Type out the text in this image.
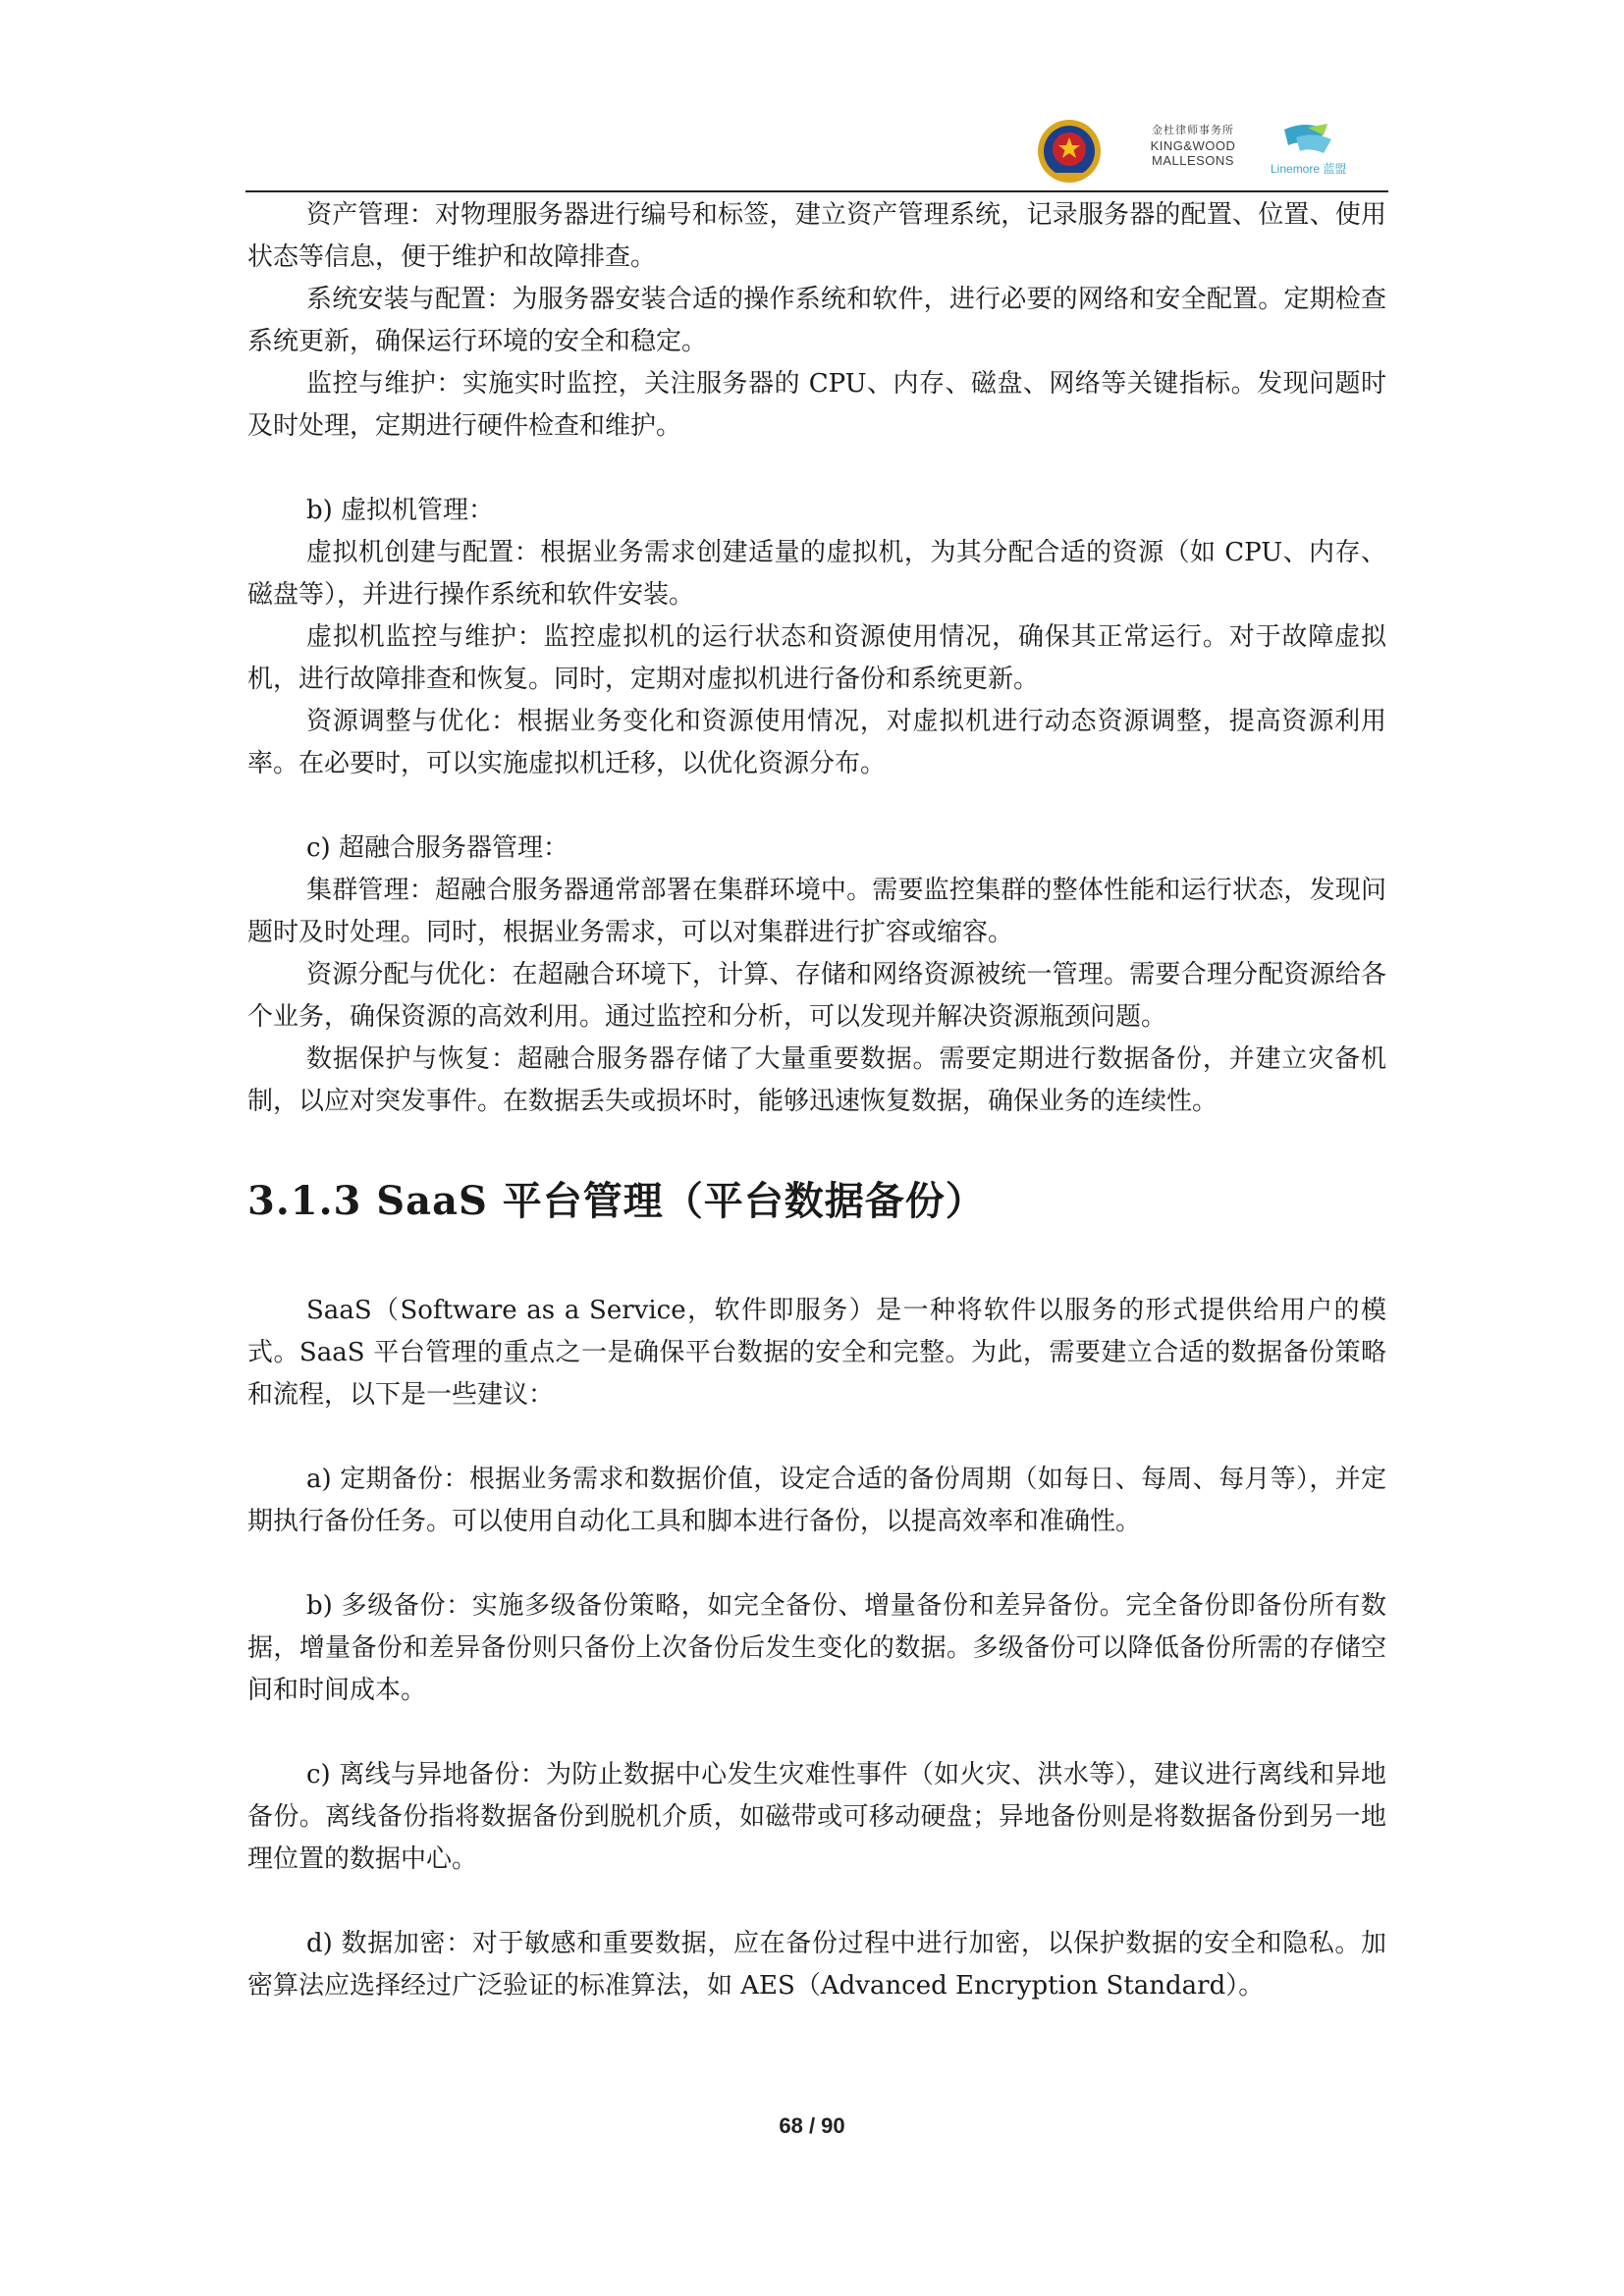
金杜律师事务所
KING&WOOD
MALLESONS
Linemore 蓝盟

资产管理：对物理服务器进行编号和标签，建立资产管理系统，记录服务器的配置、位置、使用状态等信息，便于维护和故障排查。

系统安装与配置：为服务器安装合适的操作系统和软件，进行必要的网络和安全配置。定期检查系统更新，确保运行环境的安全和稳定。

监控与维护：实施实时监控，关注服务器的 CPU、内存、磁盘、网络等关键指标。发现问题时及时处理，定期进行硬件检查和维护。

b) 虚拟机管理：

虚拟机创建与配置：根据业务需求创建适量的虚拟机，为其分配合适的资源（如 CPU、内存、磁盘等），并进行操作系统和软件安装。

虚拟机监控与维护：监控虚拟机的运行状态和资源使用情况，确保其正常运行。对于故障虚拟机，进行故障排查和恢复。同时，定期对虚拟机进行备份和系统更新。

资源调整与优化：根据业务变化和资源使用情况，对虚拟机进行动态资源调整，提高资源利用率。在必要时，可以实施虚拟机迁移，以优化资源分布。

c) 超融合服务器管理：

集群管理：超融合服务器通常部署在集群环境中。需要监控集群的整体性能和运行状态，发现问题时及时处理。同时，根据业务需求，可以对集群进行扩容或缩容。

资源分配与优化：在超融合环境下，计算、存储和网络资源被统一管理。需要合理分配资源给各个业务，确保资源的高效利用。通过监控和分析，可以发现并解决资源瓶颈问题。

数据保护与恢复：超融合服务器存储了大量重要数据。需要定期进行数据备份，并建立灾备机制，以应对突发事件。在数据丢失或损坏时，能够迅速恢复数据，确保业务的连续性。

3.1.3 SaaS 平台管理（平台数据备份）

SaaS（Software as a Service，软件即服务）是一种将软件以服务的形式提供给用户的模式。SaaS 平台管理的重点之一是确保平台数据的安全和完整。为此，需要建立合适的数据备份策略和流程，以下是一些建议：

a) 定期备份：根据业务需求和数据价值，设定合适的备份周期（如每日、每周、每月等），并定期执行备份任务。可以使用自动化工具和脚本进行备份，以提高效率和准确性。

b) 多级备份：实施多级备份策略，如完全备份、增量备份和差异备份。完全备份即备份所有数据，增量备份和差异备份则只备份上次备份后发生变化的数据。多级备份可以降低备份所需的存储空间和时间成本。

c) 离线与异地备份：为防止数据中心发生灾难性事件（如火灾、洪水等），建议进行离线和异地备份。离线备份指将数据备份到脱机介质，如磁带或可移动硬盘；异地备份则是将数据备份到另一地理位置的数据中心。

d) 数据加密：对于敏感和重要数据，应在备份过程中进行加密，以保护数据的安全和隐私。加密算法应选择经过广泛验证的标准算法，如 AES（Advanced Encryption Standard）。

68 / 90
